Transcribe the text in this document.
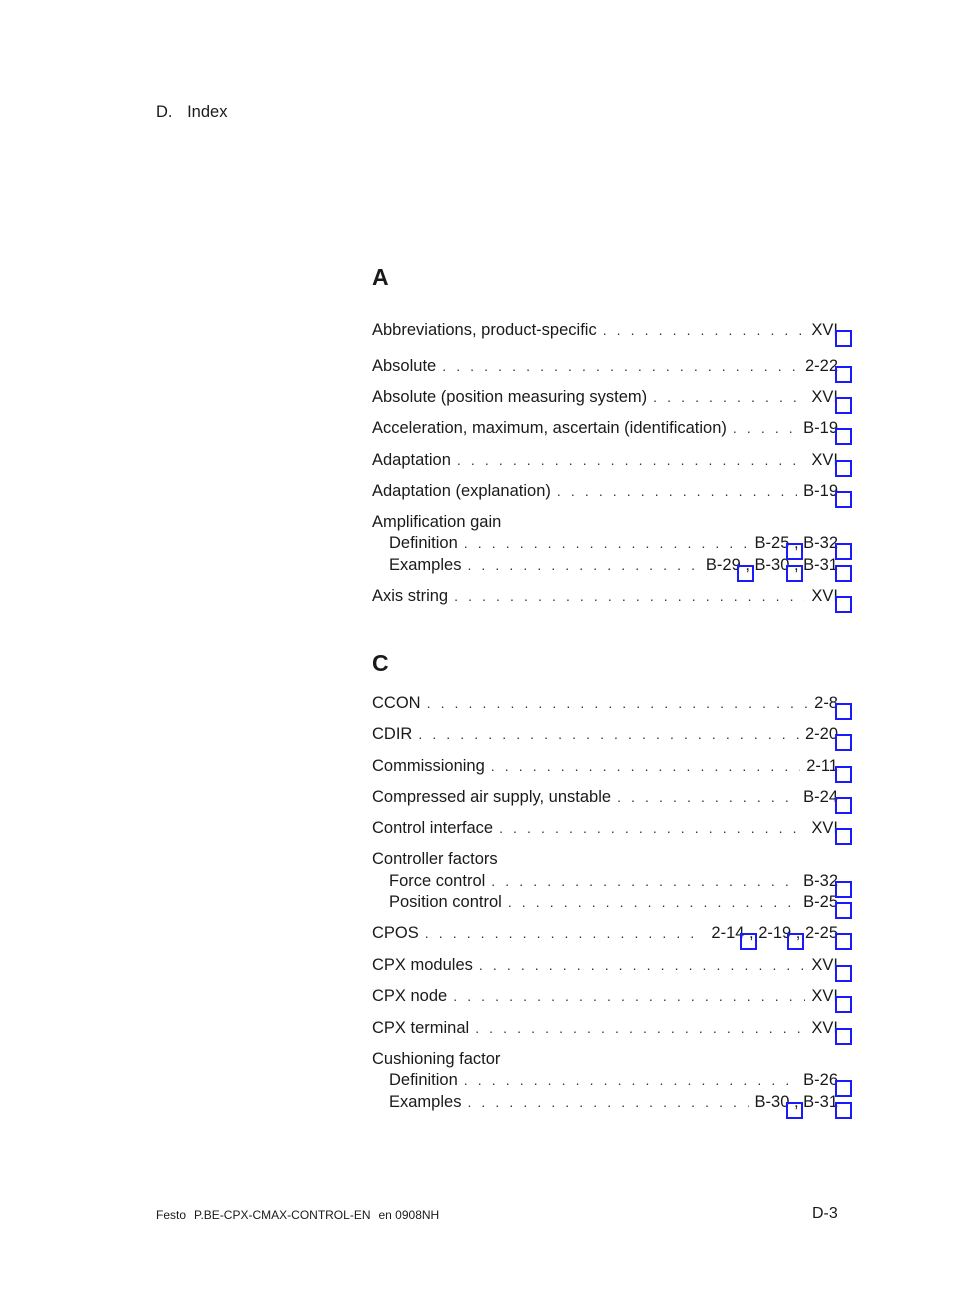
D. Index
A
Abbreviations, product-specific . . .	XVI
Absolute . . .	2-22
Absolute (position measuring system) . . .	XVI
Acceleration, maximum, ascertain (identification) . . .	B-19
Adaptation . . .	XVI
Adaptation (explanation) . . .	B-19
Amplification gain
Definition . . .	B-25 , B-32
Examples . . .	B-29 , B-30 , B-31
Axis string . . .	XVI
C
CCON . . .	2-8
CDIR . . .	2-20
Commissioning . . .	2-11
Compressed air supply, unstable . . .	B-24
Control interface . . .	XVI
Controller factors
Force control . . .	B-32
Position control . . .	B-25
CPOS . . .	2-14 , 2-19 , 2-25
CPX modules . . .	XVI
CPX node . . .	XVI
CPX terminal . . .	XVI
Cushioning factor
Definition . . .	B-26
Examples . . .	B-30 , B-31
Festo P.BE-CPX-CMAX-CONTROL-EN en 0908NH	D-3
